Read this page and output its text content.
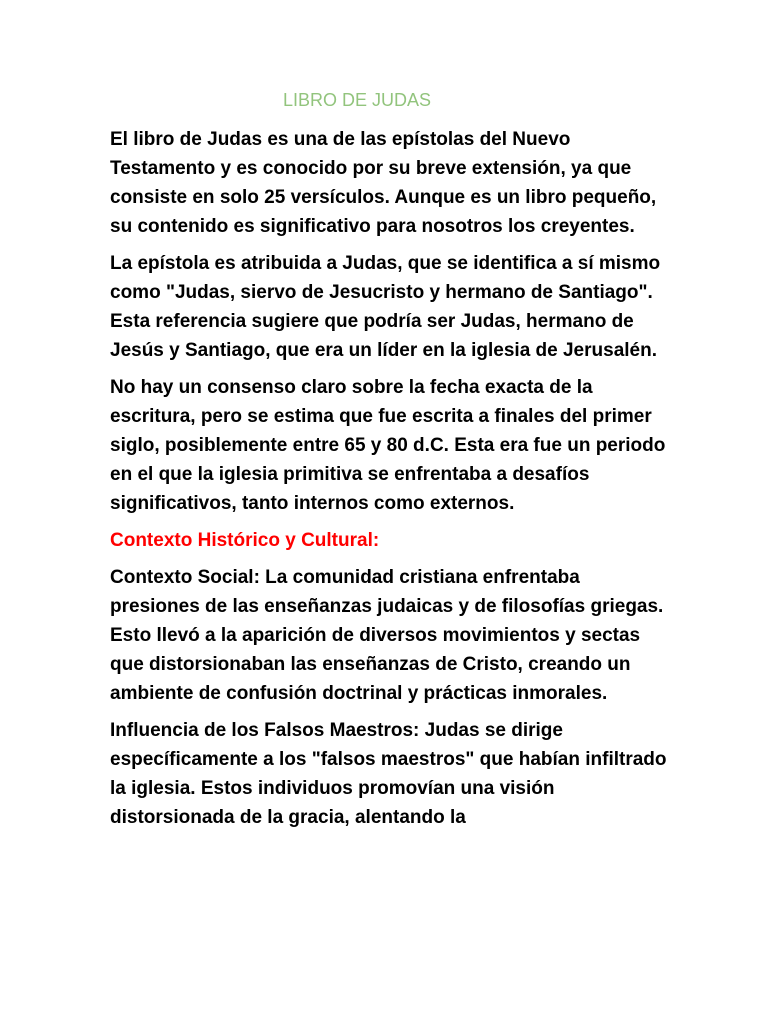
LIBRO DE JUDAS

El libro de Judas es una de las epístolas del Nuevo Testamento y es conocido por su breve extensión, ya que consiste en solo 25 versículos. Aunque es un libro pequeño, su contenido es significativo para nosotros los creyentes.

La epístola es atribuida a Judas, que se identifica a sí mismo como "Judas, siervo de Jesucristo y hermano de Santiago". Esta referencia sugiere que podría ser Judas, hermano de Jesús y Santiago, que era un líder en la iglesia de Jerusalén.

No hay un consenso claro sobre la fecha exacta de la escritura, pero se estima que fue escrita a finales del primer siglo, posiblemente entre 65 y 80 d.C. Esta era fue un periodo en el que la iglesia primitiva se enfrentaba a desafíos significativos, tanto internos como externos.

Contexto Histórico y Cultural:

Contexto Social: La comunidad cristiana enfrentaba presiones de las enseñanzas judaicas y de filosofías griegas. Esto llevó a la aparición de diversos movimientos y sectas que distorsionaban las enseñanzas de Cristo, creando un ambiente de confusión doctrinal y prácticas inmorales.

Influencia de los Falsos Maestros: Judas se dirige específicamente a los "falsos maestros" que habían infiltrado la iglesia. Estos individuos promovían una visión distorsionada de la gracia, alentando la
